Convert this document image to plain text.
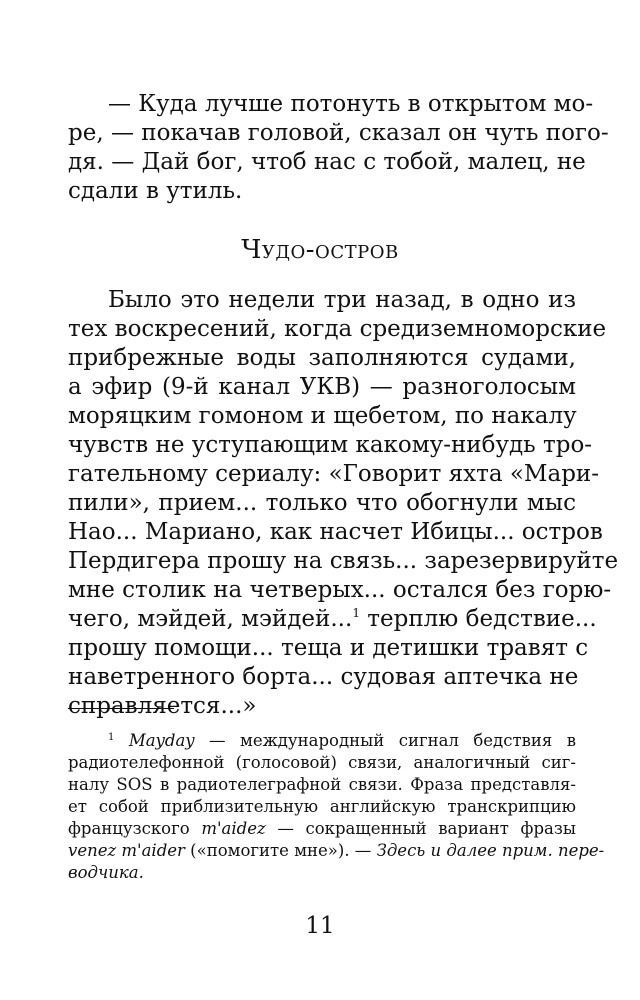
— Куда лучше потонуть в открытом мо-
ре, — покачав головой, сказал он чуть пого-
дя. — Дай бог, чтоб нас с тобой, малец, не
сдали в утиль.
Чудо-остров
Было это недели три назад, в одно из
тех воскресений, когда средиземноморские
прибрежные воды заполняются судами,
а эфир (9-й канал УКВ) — разноголосым
моряцким гомоном и щебетом, по накалу
чувств не уступающим какому-нибудь тро-
гательному сериалу: «Говорит яхта «Мари-
пили», прием... только что обогнули мыс
Нао... Мариано, как насчет Ибицы... остров
Пердигера прошу на связь... зарезервируйте
мне столик на четверых... остался без горю-
чего, мэйдей, мэйдей...$^1$ терплю бедствие...
прошу помощи... теща и детишки травят с
наветренного борта... судовая аптечка не
справляется...»
$^1$ Mayday — международный сигнал бедствия в
радиотелефонной (голосовой) связи, аналогичный сиг-
налу SOS в радиотелеграфной связи. Фраза представля-
ет собой приблизительную английскую транскрипцию
французского m'aidez — сокращенный вариант фразы
venez m'aider («помогите мне»). — Здесь и далее прим. пере-
водчика.
11
